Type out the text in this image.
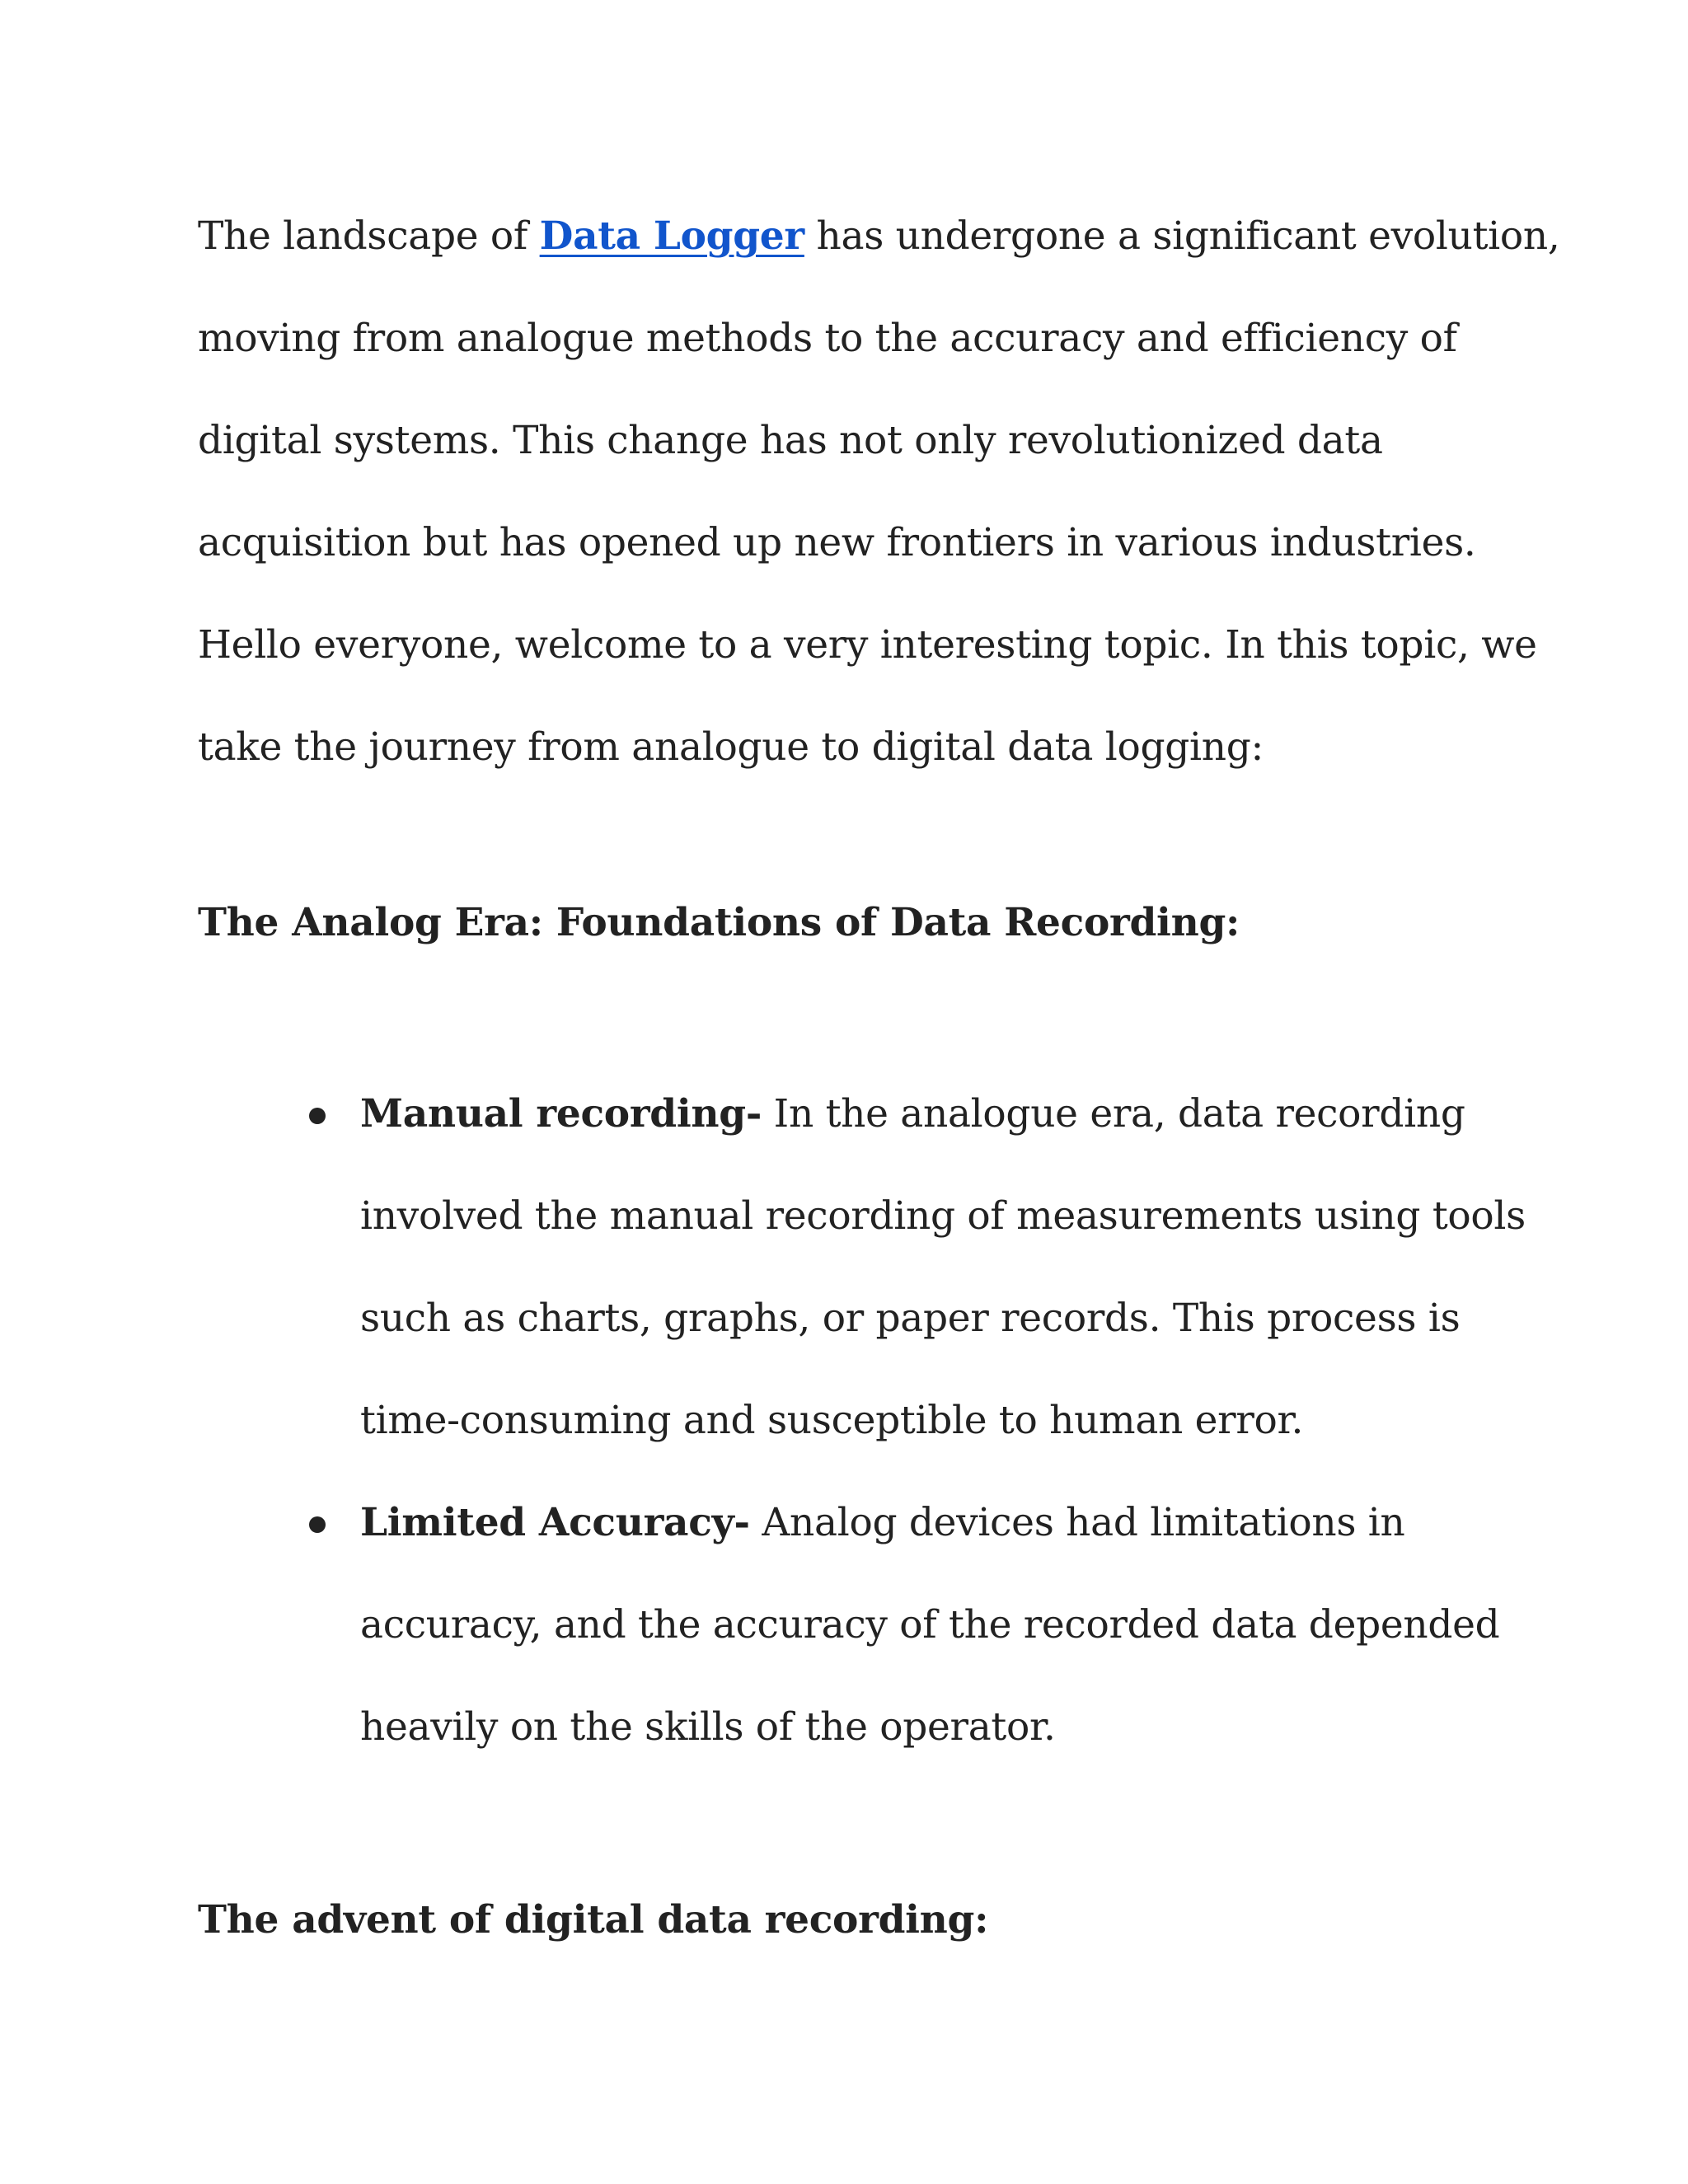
The landscape of Data Logger has undergone a significant evolution,
moving from analogue methods to the accuracy and efficiency of
digital systems. This change has not only revolutionized data
acquisition but has opened up new frontiers in various industries.
Hello everyone, welcome to a very interesting topic. In this topic, we
take the journey from analogue to digital data logging:

The Analog Era: Foundations of Data Recording:
Manual recording- In the analogue era, data recording
involved the manual recording of measurements using tools
such as charts, graphs, or paper records. This process is
time-consuming and susceptible to human error.
Limited Accuracy- Analog devices had limitations in
accuracy, and the accuracy of the recorded data depended
heavily on the skills of the operator.
The advent of digital data recording:
